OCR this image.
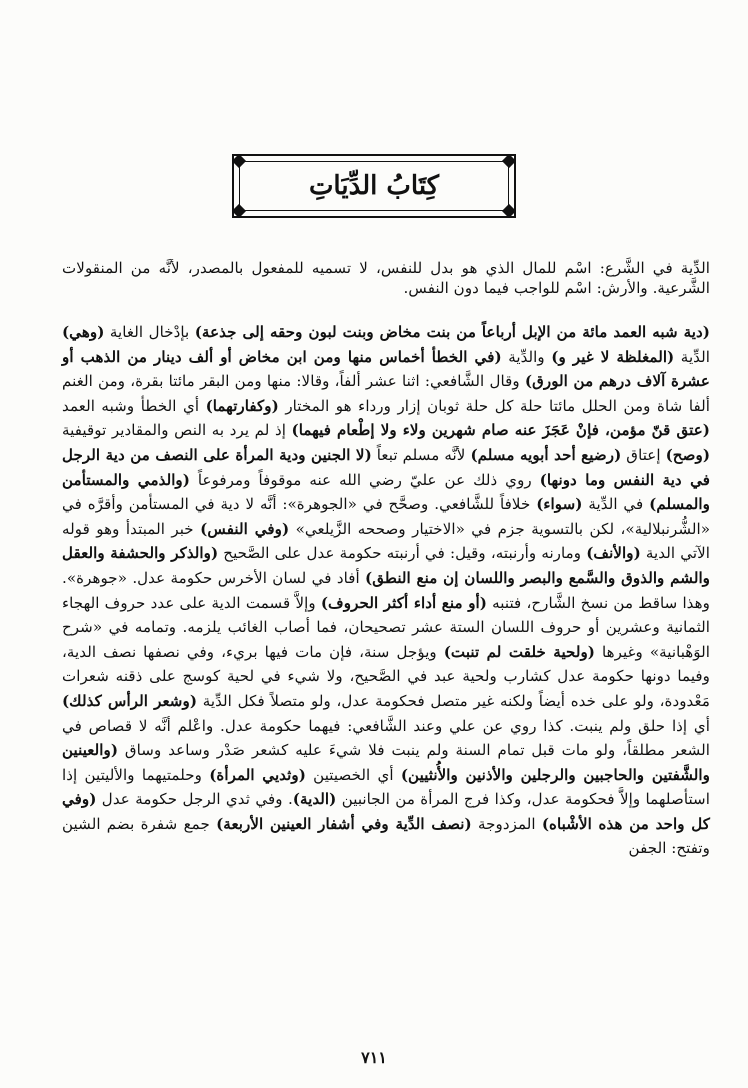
كِتَابُ الدِّيَاتِ

الدِّية في الشَّرع: اسْم للمال الذي هو بدل للنفس، لا تسميه للمفعول بالمصدر، لأنَّه من المنقولات الشَّرعية. والأرش: اسْم للواجب فيما دون النفس.

(دية شبه العمد مائة من الإبل أرباعاً من بنت مخاض وبنت لبون وحقه إلى جذعة) بإدْخال الغاية (وهي) الدِّية (المغلظة لا غير و) والدِّية (في الخطأ أخماس منها ومن ابن مخاض أو ألف دينار من الذهب أو عشرة آلاف درهم من الورق) وقال الشَّافعي: اثنا عشر ألفاً، وقالا: منها ومن البقر مائتا بقرة، ومن الغنم ألفا شاة ومن الحلل مائتا حلة كل حلة ثوبان إزار ورداء هو المختار (وكفارتهما) أي الخطأ وشبه العمد (عتق قنّ مؤمن، فإنْ عَجَزَ عنه صام شهرين ولاء ولا إطْعام فيهما) إذ لم يرد به النص والمقادير توقيفية (وصح) إعتاق (رضيع أحد أبويه مسلم) لأنَّه مسلم تبعاً (لا الجنين ودية المرأة على النصف من دية الرجل في دية النفس وما دونها) روي ذلك عن عليّ رضي الله عنه موقوفاً ومرفوعاً (والذمي والمستأمن والمسلم) في الدِّية (سواء) خلافاً للشَّافعي. وصحَّح في «الجوهرة»: أنَّه لا دية في المستأمن وأقرَّه في «الشُّرنبلالية»، لكن بالتسوية جزم في «الاختيار وصححه الزَّيلعي» (وفي النفس) خبر المبتدأ وهو قوله الآتي الدية (والأنف) ومارنه وأرنبته، وقيل: في أرنبته حكومة عدل على الصَّحيح (والذكر والحشفة والعقل والشم والذوق والسَّمع والبصر واللسان إن منع النطق) أفاد في لسان الأخرس حكومة عدل. «جوهرة». وهذا ساقط من نسخ الشَّارح، فتنبه (أو منع أداء أكثر الحروف) وإلاَّ قسمت الدية على عدد حروف الهجاء الثمانية وعشرين أو حروف اللسان الستة عشر تصحيحان، فما أصاب الغائب يلزمه. وتمامه في «شرح الوَهْبانية» وغيرها (ولحية خلقت لم تنبت) ويؤجل سنة، فإن مات فيها بريء، وفي نصفها نصف الدية، وفيما دونها حكومة عدل كشارب ولحية عبد في الصَّحيح، ولا شيء في لحية كوسج على ذقنه شعرات مَعْدودة، ولو على خده أيضاً ولكنه غير متصل فحكومة عدل، ولو متصلاً فكل الدِّية (وشعر الرأس كذلك) أي إذا حلق ولم ينبت. كذا روي عن علي وعند الشَّافعي: فيهما حكومة عدل. واعْلم أنَّه لا قصاص في الشعر مطلقاً، ولو مات قبل تمام السنة ولم ينبت فلا شيءَ عليه كشعر صَدْر وساعد وساق (والعينين والشَّفتين والحاجبين والرجلين والأذنين والأُنثيين) أي الخصيتين (وثديي المرأة) وحلمتيهما والأليتين إذا استأصلهما وإلاَّ فحكومة عدل، وكذا فرج المرأة من الجانبين (الدية). وفي ثدي الرجل حكومة عدل (وفي كل واحد من هذه الأشْباه) المزدوجة (نصف الدِّية وفي أشفار العينين الأربعة) جمع شفرة بضم الشين وتفتح: الجفن

٧١١
